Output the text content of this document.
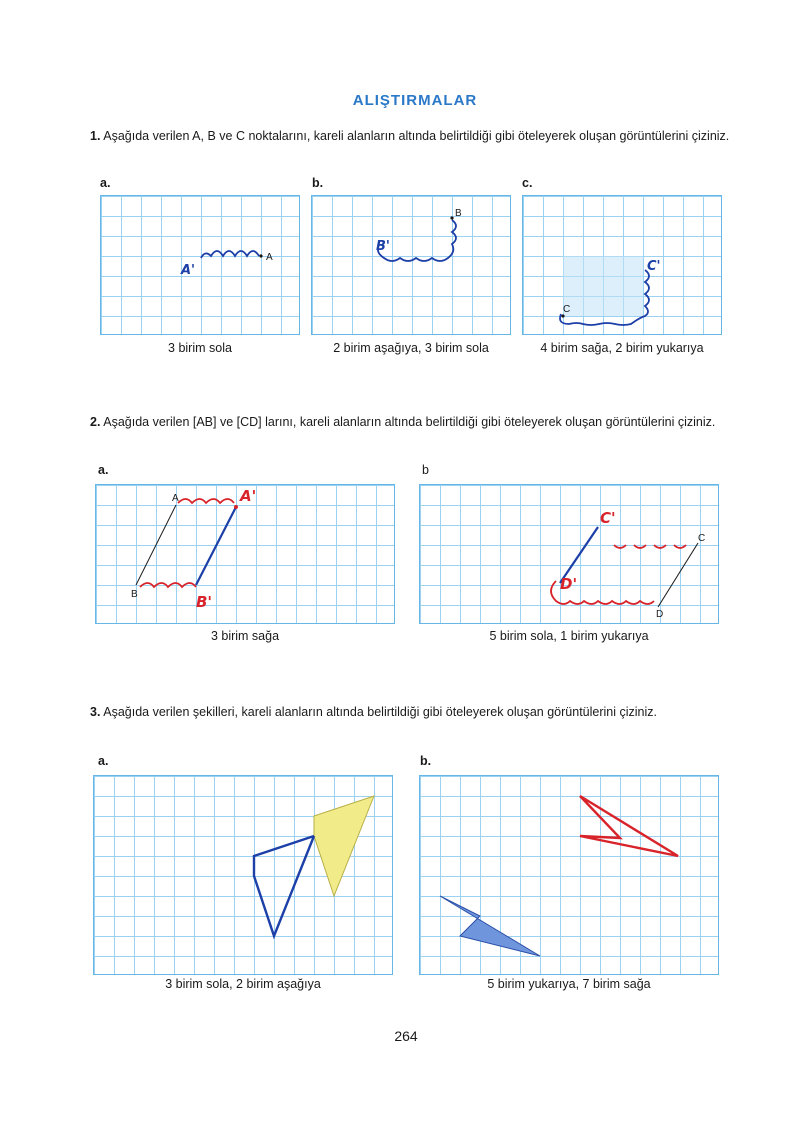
ALIŞTIRMALAR
1. Aşağıda verilen A, B ve C noktalarını, kareli alanların altında belirtildiği gibi öteleyerek oluşan görüntülerini çiziniz.
a.	b.	c.
A
A'
3 birim sola
B
B'
2 birim aşağıya, 3 birim sola
C
C'
4 birim sağa, 2 birim yukarıya
2. Aşağıda verilen [AB] ve [CD] larını, kareli alanların altında belirtildiği gibi öteleyerek oluşan görüntülerini çiziniz.
a.	b
A
B
A'
B'
3 birim sağa
C
D
C'
D'
5 birim sola, 1 birim yukarıya
3. Aşağıda verilen şekilleri, kareli alanların altında belirtildiği gibi öteleyerek oluşan görüntülerini çiziniz.
a.	b.
3 birim sola, 2 birim aşağıya	5 birim yukarıya, 7 birim sağa
264
